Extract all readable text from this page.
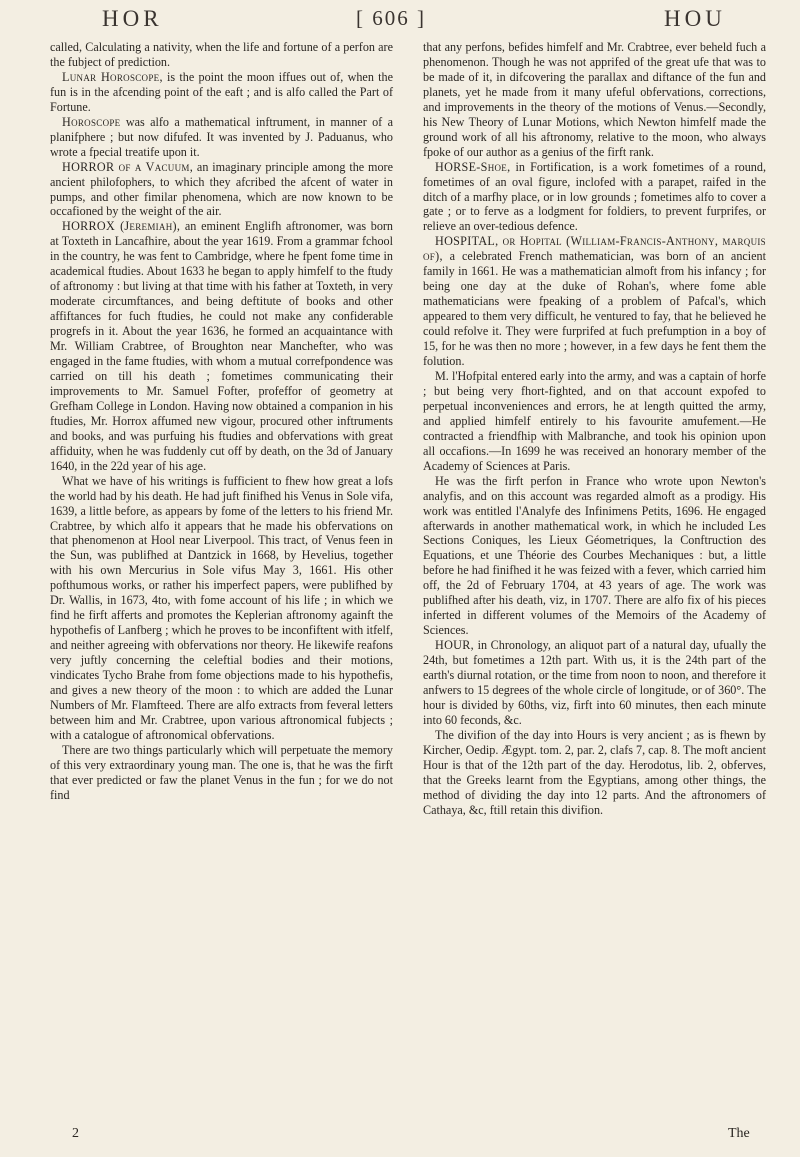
HOR	[ 606 ]	HOU

called, Calculating a nativity, when the life and fortune of a perfon are the fubject of prediction.

Lunar Horoscope, is the point the moon iffues out of, when the fun is in the afcending point of the eaft ; and is alfo called the Part of Fortune.

Horoscope was alfo a mathematical inftrument, in manner of a planifphere ; but now difufed. It was invented by J. Paduanus, who wrote a fpecial treatife upon it.

HORROR of a Vacuum, an imaginary principle among the more ancient philofophers, to which they afcribed the afcent of water in pumps, and other fimilar phenomena, which are now known to be occafioned by the weight of the air.

HORROX (Jeremiah), an eminent Englifh aftronomer, was born at Toxteth in Lancafhire, about the year 1619. From a grammar fchool in the country, he was fent to Cambridge, where he fpent fome time in academical ftudies. About 1633 he began to apply himfelf to the ftudy of aftronomy : but living at that time with his father at Toxteth, in very moderate circumftances, and being deftitute of books and other affiftances for fuch ftudies, he could not make any confiderable progrefs in it. About the year 1636, he formed an acquaintance with Mr. William Crabtree, of Broughton near Manchefter, who was engaged in the fame ftudies, with whom a mutual correfpondence was carried on till his death ; fometimes communicating their improvements to Mr. Samuel Fofter, profeffor of geometry at Grefham College in London. Having now obtained a companion in his ftudies, Mr. Horrox affumed new vigour, procured other inftruments and books, and was purfuing his ftudies and obfervations with great affiduity, when he was fuddenly cut off by death, on the 3d of January 1640, in the 22d year of his age.

What we have of his writings is fufficient to fhew how great a lofs the world had by his death. He had juft finifhed his Venus in Sole vifa, 1639, a little before, as appears by fome of the letters to his friend Mr. Crabtree, by which alfo it appears that he made his obfervations on that phenomenon at Hool near Liverpool. This tract, of Venus feen in the Sun, was publifhed at Dantzick in 1668, by Hevelius, together with his own Mercurius in Sole vifus May 3, 1661. His other pofthumous works, or rather his imperfect papers, were publifhed by Dr. Wallis, in 1673, 4to, with fome account of his life ; in which we find he firft afferts and promotes the Keplerian aftronomy againft the hypothefis of Lanfberg ; which he proves to be inconfiftent with itfelf, and neither agreeing with obfervations nor theory. He likewife reafons very juftly concerning the celeftial bodies and their motions, vindicates Tycho Brahe from fome objections made to his hypothefis, and gives a new theory of the moon : to which are added the Lunar Numbers of Mr. Flamfteed. There are alfo extracts from feveral letters between him and Mr. Crabtree, upon various aftronomical fubjects ; with a catalogue of aftronomical obfervations.

There are two things particularly which will perpetuate the memory of this very extraordinary young man. The one is, that he was the firft that ever predicted or faw the planet Venus in the fun ; for we do not find

that any perfons, befides himfelf and Mr. Crabtree, ever beheld fuch a phenomenon. Though he was not apprifed of the great ufe that was to be made of it, in difcovering the parallax and diftance of the fun and planets, yet he made from it many ufeful obfervations, corrections, and improvements in the theory of the motions of Venus.—Secondly, his New Theory of Lunar Motions, which Newton himfelf made the ground work of all his aftronomy, relative to the moon, who always fpoke of our author as a genius of the firft rank.

HORSE-Shoe, in Fortification, is a work fometimes of a round, fometimes of an oval figure, inclofed with a parapet, raifed in the ditch of a marfhy place, or in low grounds ; fometimes alfo to cover a gate ; or to ferve as a lodgment for foldiers, to prevent furprifes, or relieve an over-tedious defence.

HOSPITAL, or Hopital (William-Francis-Anthony, marquis of), a celebrated French mathematician, was born of an ancient family in 1661. He was a mathematician almoft from his infancy ; for being one day at the duke of Rohan's, where fome able mathematicians were fpeaking of a problem of Pafcal's, which appeared to them very difficult, he ventured to fay, that he believed he could refolve it. They were furprifed at fuch prefumption in a boy of 15, for he was then no more ; however, in a few days he fent them the folution.

M. l'Hofpital entered early into the army, and was a captain of horfe ; but being very fhort-fighted, and on that account expofed to perpetual inconveniences and errors, he at length quitted the army, and applied himfelf entirely to his favourite amufement.—He contracted a friendfhip with Malbranche, and took his opinion upon all occafions.—In 1699 he was received an honorary member of the Academy of Sciences at Paris.

He was the firft perfon in France who wrote upon Newton's analyfis, and on this account was regarded almoft as a prodigy. His work was entitled l'Analyfe des Infinimens Petits, 1696. He engaged afterwards in another mathematical work, in which he included Les Sections Coniques, les Lieux Géometriques, la Conftruction des Equations, et une Théorie des Courbes Mechaniques : but, a little before he had finifhed it he was feized with a fever, which carried him off, the 2d of February 1704, at 43 years of age. The work was publifhed after his death, viz, in 1707. There are alfo fix of his pieces inferted in different volumes of the Memoirs of the Academy of Sciences.

HOUR, in Chronology, an aliquot part of a natural day, ufually the 24th, but fometimes a 12th part. With us, it is the 24th part of the earth's diurnal rotation, or the time from noon to noon, and therefore it anfwers to 15 degrees of the whole circle of longitude, or of 360°. The hour is divided by 60ths, viz, firft into 60 minutes, then each minute into 60 feconds, &c.

The divifion of the day into Hours is very ancient ; as is fhewn by Kircher, Oedip. Ægypt. tom. 2, par. 2, clafs 7, cap. 8. The moft ancient Hour is that of the 12th part of the day. Herodotus, lib. 2, obferves, that the Greeks learnt from the Egyptians, among other things, the method of dividing the day into 12 parts. And the aftronomers of Cathaya, &c, ftill retain this divifion.

2	The
